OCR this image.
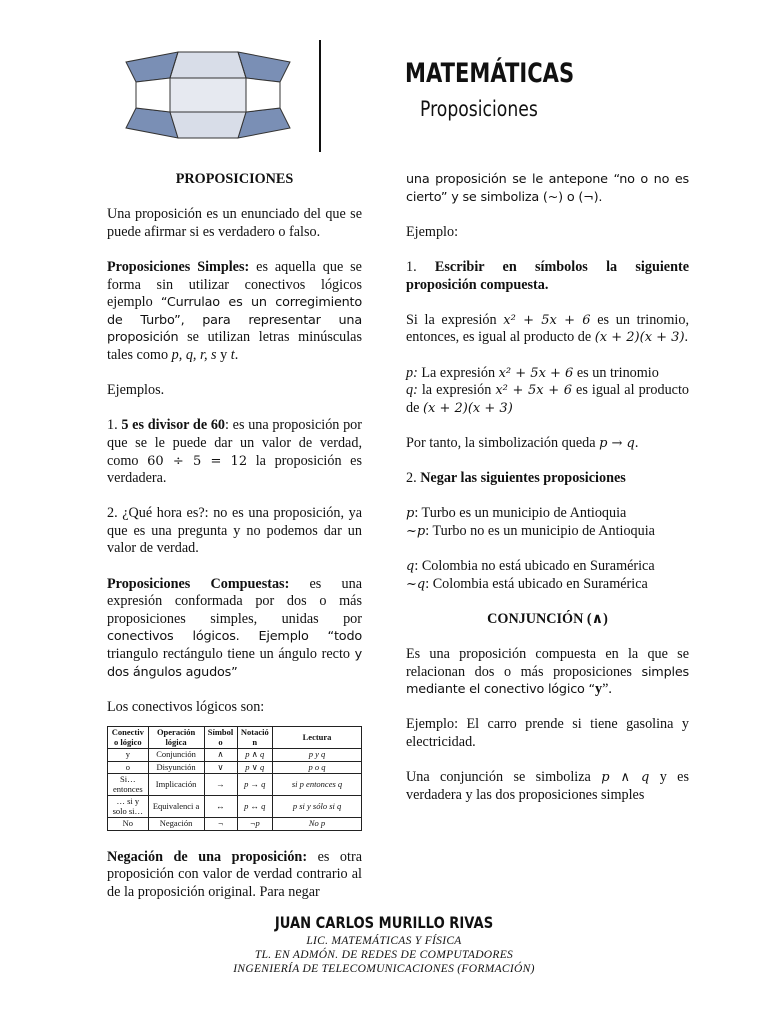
MATEMÁTICAS
Proposiciones

PROPOSICIONES

Una proposición es un enunciado del que se puede afirmar si es verdadero o falso.

Proposiciones Simples: es aquella que se forma sin utilizar conectivos lógicos ejemplo “Currulao es un corregimiento de Turbo”, para representar una proposición se utilizan letras minúsculas tales como p, q, r, s y t.

Ejemplos.

1. 5 es divisor de 60: es una proposición por que se le puede dar un valor de verdad, como 60 ÷ 5 = 12 la proposición es verdadera.

2. ¿Qué hora es?: no es una proposición, ya que es una pregunta y no podemos dar un valor de verdad.

Proposiciones Compuestas: es una expresión conformada por dos o más proposiciones simples, unidas por conectivos lógicos. Ejemplo “todo triangulo rectángulo tiene un ángulo recto y dos ángulos agudos”

Los conectivos lógicos son:

Conectiv o lógico	Operación lógica	Símbol o	Notació n	Lectura
y	Conjunción	∧	p ∧ q	p y q
o	Disyunción	∨	p ∨ q	p o q
Si… entonces	Implicación	→	p → q	si p entonces q
… si y solo si…	Equivalenci a	↔	p ↔ q	p si y sólo si q
No	Negación	¬	¬p	No p

Negación de una proposición: es otra proposición con valor de verdad contrario al de la proposición original. Para negar

una proposición se le antepone “no o no es cierto” y se simboliza (~) o (¬).

Ejemplo:

1. Escribir en símbolos la siguiente proposición compuesta.

Si la expresión x² + 5x + 6 es un trinomio, entonces, es igual al producto de (x + 2)(x + 3).

p: La expresión x² + 5x + 6 es un trinomio

q: la expresión x² + 5x + 6 es igual al producto de (x + 2)(x + 3)

Por tanto, la simbolización queda p → q.

2. Negar las siguientes proposiciones

p: Turbo es un municipio de Antioquia

~p: Turbo no es un municipio de Antioquia

q: Colombia no está ubicado en Suramérica

~q: Colombia está ubicado en Suramérica

CONJUNCIÓN (∧)

Es una proposición compuesta en la que se relacionan dos o más proposiciones simples mediante el conectivo lógico “y”.

Ejemplo: El carro prende si tiene gasolina y electricidad.

Una conjunción se simboliza p ∧ q y es verdadera y las dos proposiciones simples

JUAN CARLOS MURILLO RIVAS
LIC. MATEMÁTICAS Y FÍSICA
TL. EN ADMÓN. DE REDES DE COMPUTADORES
INGENIERÍA DE TELECOMUNICACIONES (FORMACIÓN)
